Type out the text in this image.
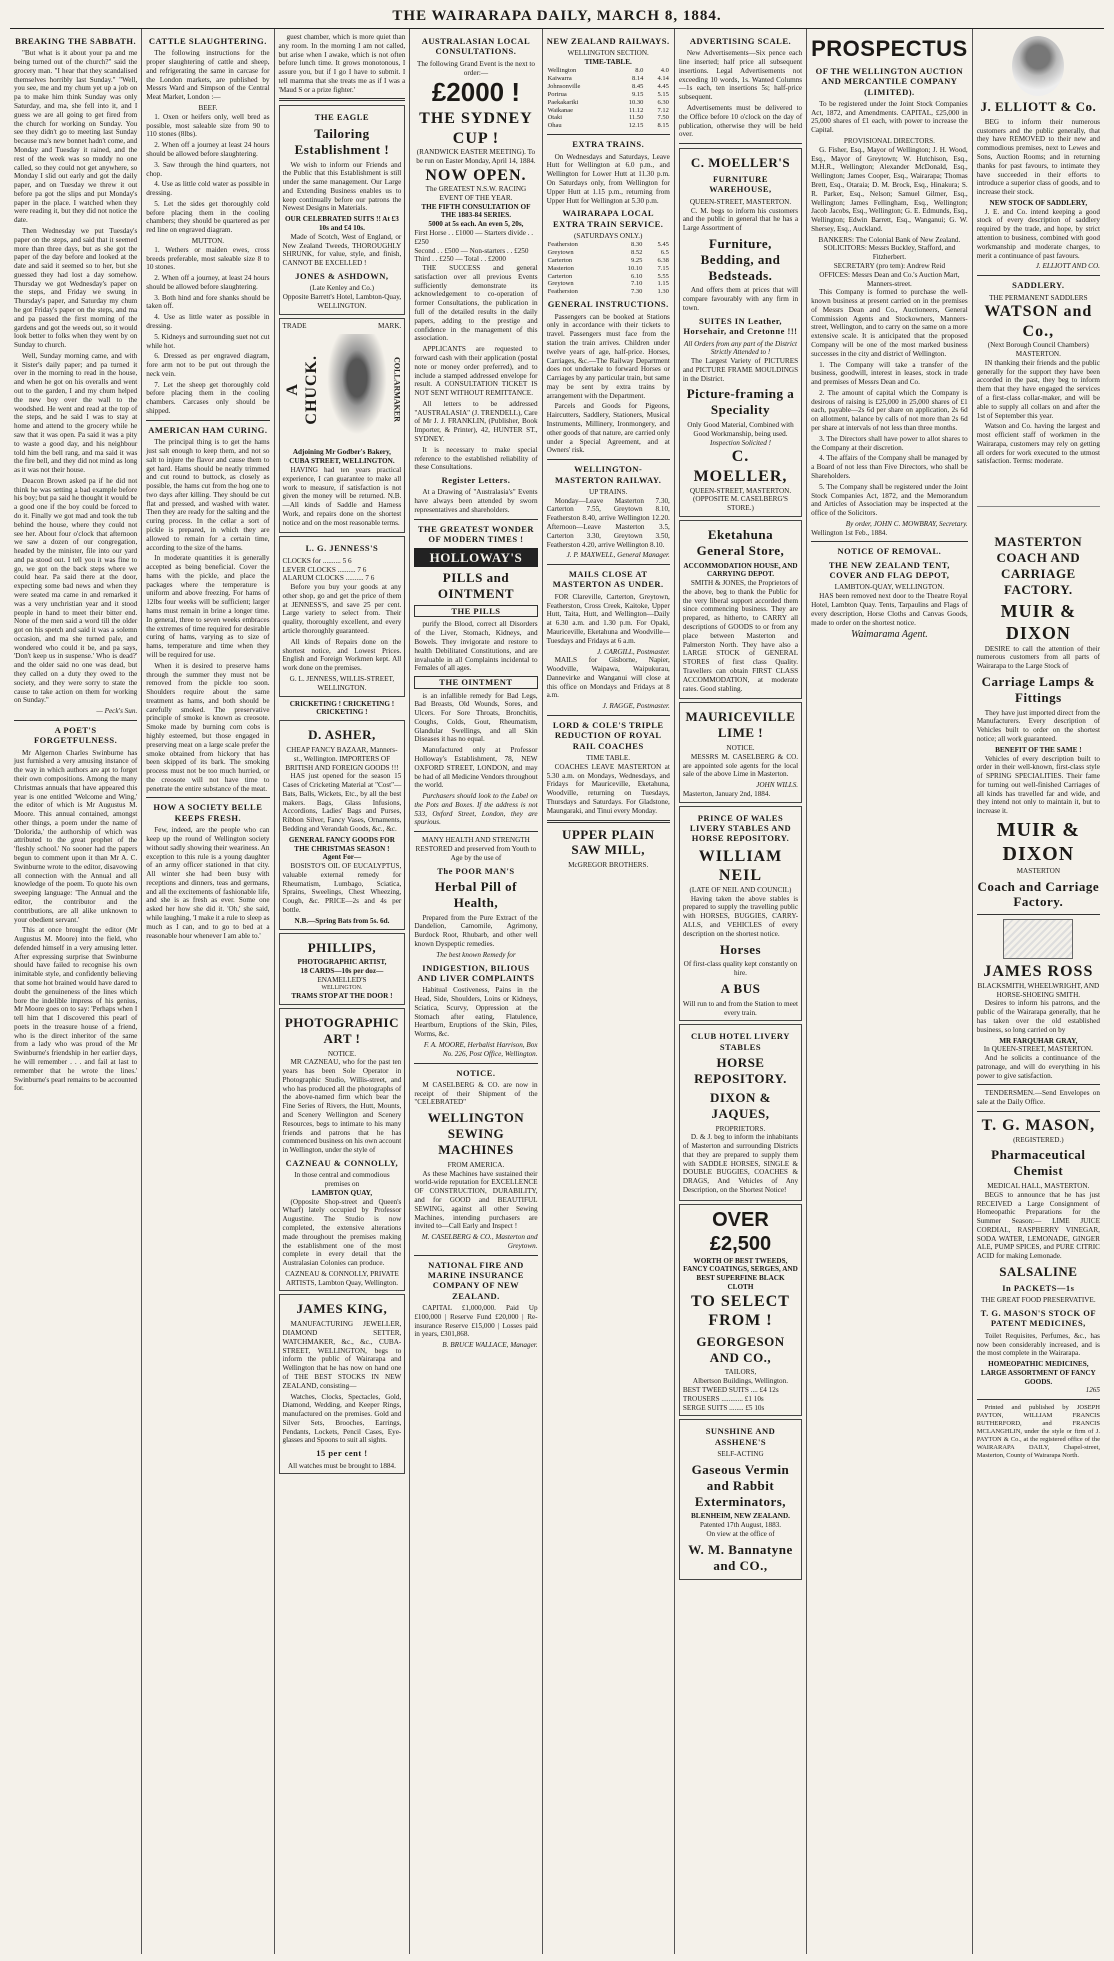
THE WAIRARAPA DAILY, MARCH 8, 1884.
BREAKING THE SABBATH.

"But what is it about your pa and me being turned out of the church?" said the grocery man. "I hear that they scandalised themselves horribly last Sunday." "Well, you see, me and my chum yet up a job on pa to make him think Sunday was only Saturday, and ma, she fell into it, and I guess we are all going to get fired from the church for working on Sunday. You see they didn't go to meeting last Sunday because ma's new bonnet hadn't come, and Monday and Tuesday it rained, and the rest of the week was so muddy no one called, so they could not get anywhere, so Monday I slid out early and got the daily paper, and on Tuesday we threw it out before pa got the slips and put Monday's paper in the place. I watched when they were reading it, but they did not notice the date.

Then Wednesday we put Tuesday's paper on the steps, and said that it seemed more than three days, but as she got the paper of the day before and looked at the date and said it seemed so to her, but she guessed they had lost a day somehow. Thursday we got Wednesday's paper on the steps, and Friday we swung in Thursday's paper, and Saturday my chum he got Friday's paper on the steps, and ma and pa passed the first morning of the gardens and got the weeds out, so it would look better to folks when they went by on Sunday to church.

Well, Sunday morning came, and with it Sister's daily paper; and pa turned it over in the morning to read in the house, and when he got on his overalls and went out to the garden, I and my chum helped the new boy over the wall to the woodshed. He went and read at the top of the steps, and he said I was to stay at home and attend to the grocery while he saw that it was open. Pa said it was a pity to waste a good day, and his neighbour told him the bell rang, and ma said it was the fire bell, and they did not mind as long as it was not their house.

Deacon Brown asked pa if he did not think he was setting a bad example before his boy; but pa said he thought it would be a good one if the boy could be forced to do it. Finally we got mad and took the tub behind the house, where they could not see her. About four o'clock that afternoon we saw a dozen of our congregation, headed by the minister, file into our yard and pa stood out. I tell you it was fine to go, we got on the back steps where we could hear. Pa said there at the door, expecting some bad news and when they were seated ma came in and remarked it was a very unchristian year and it stood people in hand to meet their bitter end. None of the men said a word till the older got on his spetch and said it was a solemn occasion, and ma she turned pale, and wondered who could it be, and pa says, 'Don't keep us in suspense.' Who is dead?' and the older said no one was dead, but they called on a duty they owed to the society, and they were sorry to state the cause to take action on them for working on Sunday."

— Peck's Sun.
A POET'S FORGETFULNESS.

Mr Algernon Charles Swinburne has just furnished a very amusing instance of the way in which authors are apt to forget their own compositions. Among the many Christmas annuals that have appeared this year is one entitled 'Welcome and Wing,' the editor of which is Mr Augustus M. Moore. This annual contained, amongst other things, a poem under the name of 'Dolorida,' the authorship of which was attributed to the great prophet of the 'fleshly school.' No sooner had the papers begun to comment upon it than Mr A. C. Swinburne wrote to the editor, disavowing all connection with the Annual and all knowledge of the poem. To quote his own sweeping language: 'The Annual and the editor, the contributor and the contributions, are all alike unknown to your obedient servant.'

This at once brought the editor (Mr Augustus M. Moore) into the field, who defended himself in a very amusing letter. After expressing surprise that Swinburne should have failed to recognise his own inimitable style, and confidently believing that some hot brained would have dared to doubt the genuineness of the lines which bore the indelible impress of his genius, Mr Moore goes on to say: 'Perhaps when I tell him that I discovered this pearl of poets in the treasure house of a friend, who is the direct inheritor of the same from a lady who was proud of the Mr Swinburne's friendship in her earlier days, he will remember . . . and fail at last to remember that he wrote the lines.' Swinburne's pearl remains to be accounted for.

CATTLE SLAUGHTERING.

The following instructions for the proper slaughtering of cattle and sheep, and refrigerating the same in carcase for the London markets, are published by Messrs Ward and Simpson of the Central Meat Market, London :—

BEEF.

1. Oxen or heifers only, well bred as possible, most saleable size from 90 to 110 stones (8lbs).

2. When off a journey at least 24 hours should be allowed before slaughtering.

3. Saw through the hind quarters, not chop.

4. Use as little cold water as possible in dressing.

5. Let the sides get thoroughly cold before placing them in the cooling chambers; they should be quartered as per red line on engraved diagram.

MUTTON.

1. Wethers or maiden ewes, cross breeds preferable, most saleable size 8 to 10 stones.

2. When off a journey, at least 24 hours should be allowed before slaughtering.

3. Both hind and fore shanks should be taken off.

4. Use as little water as possible in dressing.

5. Kidneys and surrounding suet not cut while hot.

6. Dressed as per engraved diagram, fore arm not to be put out through the neck vein.

7. Let the sheep get thoroughly cold before placing them in the cooling chambers. Carcases only should be shipped.

AMERICAN HAM CURING.

The principal thing is to get the hams just salt enough to keep them, and not so salt to injure the flavor and cause them to get hard. Hams should be neatly trimmed and cut round to buttock, as closely as possible, the hams cut from the hog one to two days after killing. They should be cut flat and pressed, and washed with water. Then they are ready for the salting and the curing process. In the cellar a sort of pickle is prepared, in which they are allowed to remain for a certain time, according to the size of the hams.

In moderate quantities it is generally accepted as being beneficial. Cover the hams with the pickle, and place the packages where the temperature is uniform and above freezing. For hams of 12lbs four weeks will be sufficient; larger hams must remain in brine a longer time. In general, three to seven weeks embraces the extremes of time required for desirable curing of hams, varying as to size of hams, temperature and time when they will be required for use.

When it is desired to preserve hams through the summer they must not be removed from the pickle too soon. Shoulders require about the same treatment as hams, and both should be carefully smoked. The preservative principle of smoke is known as creosote. Smoke made by burning corn cobs is highly esteemed, but those engaged in preserving meat on a large scale prefer the smoke obtained from hickory that has been skipped of its bark. The smoking process must not be too much hurried, or the creosote will not have time to penetrate the entire substance of the meat.

HOW A SOCIETY BELLE KEEPS FRESH.

Few, indeed, are the people who can keep up the round of Wellington society without sadly showing their weariness. An exception to this rule is a young daughter of an army officer stationed in that city. All winter she had been busy with receptions and dinners, teas and germans, and all the excitements of fashionable life, and she is as fresh as ever. Some one asked her how she did it. 'Oh,' she said, while laughing, 'I make it a rule to sleep as much as I can, and to go to bed at a reasonable hour whenever I am able to.'

guest chamber, which is more quiet than any room. In the morning I am not called, but arise when I awake, which is not often before lunch time. It grows monotonous, I assure you, but if I go I have to submit. I tell mamma that she treats me as if I was a 'Maud S or a prize fighter.'

THE EAGLE
Tailoring Establishment !

We wish to inform our Friends and the Public that this Establishment is still under the same management. Our Large and Extending Business enables us to keep continually before our patrons the Newest Designs in Materials.

OUR CELEBRATED SUITS !! At £3 10s and £4 10s.

Made of Scotch, West of England, or New Zealand Tweeds, THOROUGHLY SHRUNK, for value, style, and finish, CANNOT BE EXCELLED !

JONES & ASHDOWN,
(Late Kenley and Co.)
Opposite Barrett's Hotel, Lambton-Quay, WELLINGTON.
TRADE	MARK.
A CHUCK.	COLLARMAKER
Adjoining Mr Godber's Bakery, CUBA STREET, WELLINGTON.

HAVING had ten years practical experience, I can guarantee to make all work to measure, if satisfaction is not given the money will be returned. N.B.—All kinds of Saddle and Harness Work, and repairs done on the shortest notice and on the most reasonable terms.

L. G. JENNESS'S
CLOCKS for .......... 5 6
LEVER CLOCKS .......... 7 6
ALARUM CLOCKS .......... 7 6

Before you buy your goods at any other shop, go and get the price of them at JENNESS'S, and save 25 per cent. Large variety to select from. Their quality, thoroughly excellent, and every article thoroughly guaranteed.

All kinds of Repairs done on the shortest notice, and Lowest Prices. English and Foreign Workmen kept. All work done on the premises.

G. L. JENNESS, WILLIS-STREET, WELLINGTON.
CRICKETING ! CRICKETING ! CRICKETING !
D. ASHER,
CHEAP FANCY BAZAAR, Manners-st., Wellington. IMPORTERS OF BRITISH AND FOREIGN GOODS !!!

HAS just opened for the season 15 Cases of Cricketing Material at "Cost"—Bats, Balls, Wickets, Etc., by all the best makers. Bags, Glass Infusions, Accordions, Ladies' Bags and Purses, Ribbon Silver, Fancy Vases, Ornaments, Bedding and Verandah Goods, &c., &c.

GENERAL FANCY GOODS FOR THE CHRISTMAS SEASON !
Agent For—

BOSISTO'S OIL OF EUCALYPTUS, valuable external remedy for Rheumatism, Lumbago, Sciatica, Sprains, Sweelings, Chest Wheezing, Cough, &c. PRICE—2s and 4s per bottle.

N.B.—Spring Bats from 5s. 6d.
PHILLIPS,
PHOTOGRAPHIC ARTIST,
18 CARDS—10s per doz—
ENAMELLED'S
WELLINGTON.
TRAMS STOP AT THE DOOR !
PHOTOGRAPHIC ART !
NOTICE.

MR CAZNEAU, who for the past ten years has been Sole Operator in Photographic Studio, Willis-street, and who has produced all the photographs of the above-named firm which bear the Fine Series of Rivers, the Hutt, Mounts, and Scenery Wellington and Scenery Resources, begs to intimate to his many friends and patrons that he has commenced business on his own account in Wellington, under the style of

CAZNEAU & CONNOLLY,
In those central and commodious premises on
LAMBTON QUAY,

(Opposite Shop-street and Queen's Wharf) lately occupied by Professor Augustine. The Studio is now completed, the extensive alterations made throughout the premises making the establishment one of the most complete in every detail that the Australasian Colonies can produce.

CAZNEAU & CONNOLLY, PRIVATE ARTISTS, Lambton Quay, Wellington.
JAMES KING,

MANUFACTURING JEWELLER, DIAMOND SETTER, WATCHMAKER, &c., &c., CUBA-STREET, WELLINGTON, begs to inform the public of Wairarapa and Wellington that he has now on hand one of THE BEST STOCKS IN NEW ZEALAND, consisting—

Watches, Clocks, Spectacles, Gold, Diamond, Wedding, and Keeper Rings, manufactured on the premises. Gold and Silver Sets, Brooches, Earrings, Pendants, Lockets, Pencil Cases, Eye-glasses and Spoons to suit all sights.

15 per cent !
All watches must be brought to 1884.
AUSTRALASIAN LOCAL CONSULTATIONS.
The following Grand Event is the next to order:—
£2000 !
THE SYDNEY CUP !
(RANDWICK EASTER MEETING). To be run on Easter Monday, April 14, 1884.
NOW OPEN.
The GREATEST N.S.W. RACING EVENT OF THE YEAR.
THE FIFTH CONSULTATION OF THE 1883-84 SERIES.
5000 at 5s each. An even 5, 20s,
First Horse . . £1000 — Starters divide . . £250
Second . . £500 — Non-starters . . £250
Third . . £250 — Total . . £2000

THE SUCCESS and general satisfaction over all previous Events sufficiently demonstrate its acknowledgement to co-operation of former Consultations, the publication in full of the detailed results in the daily papers, adding to the prestige and confidence in the management of this association.

APPLICANTS are requested to forward cash with their application (postal note or money order preferred), and to include a stamped addressed envelope for result. A CONSULTATION TICKET IS NOT SENT WITHOUT REMITTANCE.

All letters to be addressed "AUSTRALASIA" (J. TRENDELL), Care of Mr J. J. FRANKLIN, (Publisher, Book Importer, & Printer), 42, HUNTER ST., SYDNEY.

It is necessary to make special reference to the established reliability of these Consultations.

Register Letters.

At a Drawing of "Australasia's" Events have always been attended by sworn representatives and shareholders.

THE GREATEST WONDER OF MODERN TIMES !
HOLLOWAY'S
PILLS and OINTMENT
THE PILLS

purify the Blood, correct all Disorders of the Liver, Stomach, Kidneys, and Bowels. They invigorate and restore to health Debilitated Constitutions, and are invaluable in all Complaints incidental to Females of all ages.

THE OINTMENT

is an infallible remedy for Bad Legs, Bad Breasts, Old Wounds, Sores, and Ulcers. For Sore Throats, Bronchitis, Coughs, Colds, Gout, Rheumatism, Glandular Swellings, and all Skin Diseases it has no equal.

Manufactured only at Professor Holloway's Establishment, 78, NEW OXFORD STREET, LONDON, and may be had of all Medicine Vendors throughout the world.

Purchasers should look to the Label on the Pots and Boxes. If the address is not 533, Oxford Street, London, they are spurious.

MANY HEALTH AND STRENGTH RESTORED and preserved from Youth to Age by the use of
The POOR MAN'S
Herbal Pill of Health,

Prepared from the Pure Extract of the Dandelion, Camomile, Agrimony, Burdock Root, Rhubarb, and other well known Dyspeptic remedies.

The best known Remedy for
INDIGESTION, BILIOUS AND LIVER COMPLAINTS

Habitual Costiveness, Pains in the Head, Side, Shoulders, Loins or Kidneys, Sciatica, Scurvy, Oppression at the Stomach after eating, Flatulence, Heartburn, Eruptions of the Skin, Piles, Worms, &c.

F. A. MOORE, Herbalist Harrison, Box No. 226, Post Office, Wellington.
NOTICE.

M CASELBERG & CO. are now in receipt of their Shipment of the "CELEBRATED"

WELLINGTON SEWING MACHINES
FROM AMERICA.

As these Machines have sustained their world-wide reputation for EXCELLENCE OF CONSTRUCTION, DURABILITY, and for GOOD and BEAUTIFUL SEWING, against all other Sewing Machines, intending purchasers are invited to—Call Early and Inspect !

M. CASELBERG & CO., Masterton and Greytown.
NATIONAL FIRE AND MARINE INSURANCE COMPANY OF NEW ZEALAND.

CAPITAL £1,000,000. Paid Up £100,000 | Reserve Fund £20,000 | Re-insurance Reserve £15,000 | Losses paid in years, £301,868.

B. BRUCE WALLACE, Manager.
NEW ZEALAND RAILWAYS.
WELLINGTON SECTION.
TIME-TABLE.
Wellington	8.0	4.0
Kaiwarra	8.14	4.14
Johnsonville	8.45	4.45
Porirua	9.15	5.15
Paekakariki	10.30	6.30
Waikanae	11.12	7.12
Otaki	11.50	7.50
Ohau	12.15	8.15
EXTRA TRAINS.

On Wednesdays and Saturdays, Leave Hutt for Wellington at 6.0 p.m., and Wellington for Lower Hutt at 11.30 p.m. On Saturdays only, from Wellington for Upper Hutt at 1.15 p.m., returning from Upper Hutt for Wellington at 5.30 p.m.

WAIRARAPA LOCAL EXTRA TRAIN SERVICE.
(SATURDAYS ONLY.)
Featherston	8.30	5.45
Greytown	8.52	6.5
Carterton	9.25	6.38
Masterton	10.10	7.15
Carterton	6.10	5.55
Greytown	7.10	1.15
Featherston	7.30	1.30
GENERAL INSTRUCTIONS.

Passengers can be booked at Stations only in accordance with their tickets to travel. Passengers must face from the station the train arrives. Children under twelve years of age, half-price. Horses, Carriages, &c.—The Railway Department does not undertake to forward Horses or Carriages by any particular train, but same may be sent by extra trains by arrangement with the Department.

Parcels and Goods for Pigeons, Haircutters, Saddlery, Stationers, Musical Instruments, Millinery, Ironmongery, and other goods of that nature, are carried only under a Special Agreement, and at Owners' risk.

WELLINGTON-MASTERTON RAILWAY.
UP TRAINS.

Monday—Leave Masterton 7.30, Carterton 7.55, Greytown 8.10, Featherston 8.40, arrive Wellington 12.20. Afternoon—Leave Masterton 3.5, Carterton 3.30, Greytown 3.50, Featherston 4.20, arrive Wellington 8.10.

J. P. MAXWELL, General Manager.
MAILS CLOSE AT MASTERTON AS UNDER.

FOR Clareville, Carterton, Greytown, Featherston, Cross Creek, Kaitoke, Upper Hutt, Taita, Hutt, and Wellington—Daily at 6.30 a.m. and 1.30 p.m. For Opaki, Mauriceville, Eketahuna and Woodville—Tuesdays and Fridays at 6 a.m.

J. CARGILL, Postmaster.

MAILS for Gisborne, Napier, Woodville, Waipawa, Waipukurau, Dannevirke and Wanganui will close at this office on Mondays and Fridays at 8 a.m.

J. RAGGE, Postmaster.
LORD & COLE'S TRIPLE REDUCTION OF ROYAL RAIL COACHES
TIME TABLE.

COACHES LEAVE MASTERTON at 5.30 a.m. on Mondays, Wednesdays, and Fridays for Mauriceville, Eketahuna, Woodville, returning on Tuesdays, Thursdays and Saturdays. For Gladstone, Maungaraki, and Tinui every Monday.

UPPER PLAIN SAW MILL,
McGREGOR BROTHERS.
ADVERTISING SCALE.

New Advertisements—Six pence each line inserted; half price all subsequent insertions. Legal Advertisements not exceeding 10 words, 1s. Wanted Columns—1s each, ten insertions 5s; half-price subsequent.

Advertisements must be delivered to the Office before 10 o'clock on the day of publication, otherwise they will be held over.

C. MOELLER'S
FURNITURE WAREHOUSE,
QUEEN-STREET, MASTERTON.

C. M. begs to inform his customers and the public in general that he has a Large Assortment of

Furniture, Bedding, and Bedsteads.

And offers them at prices that will compare favourably with any firm in town.

SUITES IN Leather, Horsehair, and Cretonne !!!
All Orders from any part of the District Strictly Attended to !

The Largest Variety of PICTURES and PICTURE FRAME MOULDINGS in the District.

Picture-framing a Speciality
Only Good Material, Combined with Good Workmanship, being used.
Inspection Solicited !
C. MOELLER,
QUEEN-STREET, MASTERTON. (OPPOSITE M. CASELBERG'S STORE.)
Eketahuna General Store,
ACCOMMODATION HOUSE, AND CARRYING DEPOT.

SMITH & JONES, the Proprietors of the above, beg to thank the Public for the very liberal support accorded them since commencing business. They are prepared, as hitherto, to CARRY all descriptions of GOODS to or from any place between Masterton and Palmerston North. They have also a LARGE STOCK of GENERAL STORES of first class Quality. Travellers can obtain FIRST CLASS ACCOMMODATION, at moderate rates. Good stabling.

MAURICEVILLE LIME !
NOTICE.

MESSRS M. CASELBERG & CO. are appointed sole agents for the local sale of the above Lime in Masterton.

JOHN WILLS.
Masterton, January 2nd, 1884.
PRINCE OF WALES LIVERY STABLES AND HORSE REPOSITORY.
WILLIAM NEIL
(LATE OF NEIL AND COUNCIL)

Having taken the above stables is prepared to supply the travelling public with HORSES, BUGGIES, CARRY-ALLS, and VEHICLES of every description on the shortest notice.

Horses
Of first-class quality kept constantly on hire.
A BUS
Will run to and from the Station to meet every train.
CLUB HOTEL LIVERY STABLES
HORSE REPOSITORY.
DIXON & JAQUES,
PROPRIETORS.

D. & J. beg to inform the inhabitants of Masterton and surrounding Districts that they are prepared to supply them with SADDLE HORSES, SINGLE & DOUBLE BUGGIES, COACHES & DRAGS, And Vehicles of Any Description, on the Shortest Notice!

OVER £2,500
WORTH OF BEST TWEEDS, FANCY COATINGS, SERGES, AND BEST SUPERFINE BLACK CLOTH
TO SELECT FROM !
GEORGESON AND CO.,
TAILORS,
Albertson Buildings, Wellington.
BEST TWEED SUITS .... £4 12s
TROUSERS ............ £1 10s
SERGE SUITS ........ £5 10s
SUNSHINE AND ASSHENE'S
SELF-ACTING
Gaseous Vermin and Rabbit Exterminators,
BLENHEIM, NEW ZEALAND.
Patented 17th August, 1883.
On view at the office of
W. M. Bannatyne and CO.,
PROSPECTUS
OF THE WELLINGTON AUCTION AND MERCANTILE COMPANY (LIMITED).

To be registered under the Joint Stock Companies Act, 1872, and Amendments. CAPITAL, £25,000 in 25,000 shares of £1 each, with power to increase the Capital.

PROVISIONAL DIRECTORS.

G. Fisher, Esq., Mayor of Wellington; J. H. Wood, Esq., Mayor of Greytown; W. Hutchison, Esq., M.H.R., Wellington; Alexander McDonald, Esq., Wellington; James Cooper, Esq., Wairarapa; Thomas Brett, Esq., Otaraia; D. M. Brock, Esq., Hinakura; S. R. Parker, Esq., Nelson; Samuel Gilmer, Esq., Wellington; James Fellingham, Esq., Wellington; Jacob Jacobs, Esq., Wellington; G. E. Edmunds, Esq., Wellington; Edwin Barrett, Esq., Wanganui; G. W. Shersey, Esq., Auckland.

BANKERS: The Colonial Bank of New Zealand.
SOLICITORS: Messrs Buckley, Stafford, and Fitzherbert.
SECRETARY (pro tem): Andrew Reid
OFFICES: Messrs Dean and Co.'s Auction Mart, Manners-street.

This Company is formed to purchase the well-known business at present carried on in the premises of Messrs Dean and Co., Auctioneers, General Commission Agents and Stockowners, Manners-street, Wellington, and to carry on the same on a more extensive scale. It is anticipated that the proposed Company will be one of the most marked business successes in the city and district of Wellington.

1. The Company will take a transfer of the business, goodwill, interest in leases, stock in trade and premises of Messrs Dean and Co.

2. The amount of capital which the Company is desirous of raising is £25,000 in 25,000 shares of £1 each, payable—2s 6d per share on application, 2s 6d on allotment, balance by calls of not more than 2s 6d per share at intervals of not less than three months.

3. The Directors shall have power to allot shares to the Company at their discretion.

4. The affairs of the Company shall be managed by a Board of not less than Five Directors, who shall be Shareholders.

5. The Company shall be registered under the Joint Stock Companies Act, 1872, and the Memorandum and Articles of Association may be inspected at the office of the Solicitors.

By order, JOHN C. MOWBRAY, Secretary.
Wellington 1st Feb., 1884.
NOTICE OF REMOVAL.
THE NEW ZEALAND TENT, COVER AND FLAG DEPOT,
LAMBTON-QUAY, WELLINGTON.

HAS been removed next door to the Theatre Royal Hotel, Lambton Quay. Tents, Tarpaulins and Flags of every description, Horse Cloths and Canvas Goods, made to order on the shortest notice.

Waimarama Agent.
J. ELLIOTT & Co.

BEG to inform their numerous customers and the public generally, that they have REMOVED to their new and commodious premises, next to Lewes and Sons, Auction Rooms; and in returning thanks for past favours, to intimate they have succeeded in their efforts to introduce a superior class of goods, and to increase their stock.

NEW STOCK OF SADDLERY,

J. E. and Co. intend keeping a good stock of every description of saddlery required by the trade, and hope, by strict attention to business, combined with good workmanship and moderate charges, to merit a continuance of past favours.

J. ELLIOTT AND CO.
SADDLERY.
THE PERMANENT SADDLERS
WATSON and Co.,
(Next Borough Council Chambers) MASTERTON.

IN thanking their friends and the public generally for the support they have been accorded in the past, they beg to inform them that they have engaged the services of a first-class collar-maker, and will be able to supply all collars on and after the 1st of September this year.

Watson and Co. having the largest and most efficient staff of workmen in the Wairarapa, customers may rely on getting all orders for work executed to the utmost satisfaction. Terms: moderate.

MASTERTON COACH AND CARRIAGE FACTORY.
MUIR & DIXON

DESIRE to call the attention of their numerous customers from all parts of Wairarapa to the Large Stock of

Carriage Lamps & Fittings

They have just imported direct from the Manufacturers. Every description of Vehicles built to order on the shortest notice; all work guaranteed.

BENEFIT OF THE SAME !

Vehicles of every description built to order in their well-known, first-class style of SPRING SPECIALITIES. Their fame for turning out well-finished Carriages of all kinds has travelled far and wide, and they intend not only to maintain it, but to increase it.

MUIR & DIXON
MASTERTON
Coach and Carriage Factory.
JAMES ROSS
BLACKSMITH, WHEELWRIGHT, AND HORSE-SHOEING SMITH.

Desires to inform his patrons, and the public of the Wairarapa generally, that he has taken over the old established business, so long carried on by

MR FARQUHAR GRAY,
In QUEEN-STREET, MASTERTON.

And he solicits a continuance of the patronage, and will do everything in his power to give satisfaction.

TENDERSMEN.—Send Envelopes on sale at the Daily Office.

T. G. MASON,
(REGISTERED.)
Pharmaceutical Chemist
MEDICAL HALL, MASTERTON.

BEGS to announce that he has just RECEIVED a Large Consignment of Homeopathic Preparations for the Summer Season:— LIME JUICE CORDIAL, RASPBERRY VINEGAR, SODA WATER, LEMONADE, GINGER ALE, PUMP SPICES, and PURE CITRIC ACID for making Lemonade.

SALSALINE
In PACKETS—1s
THE GREAT FOOD PRESERVATIVE.
T. G. MASON'S STOCK OF PATENT MEDICINES,

Toilet Requisites, Perfumes, &c., has now been considerably increased, and is the most complete in the Wairarapa.

HOMEOPATHIC MEDICINES, LARGE ASSORTMENT OF FANCY GOODS.
1265

Printed and published by JOSEPH PAYTON, WILLIAM FRANCIS RUTHERFORD, and FRANCIS MCLANGHLIN, under the style or firm of J. PAYTON & Co., at the registered office of the WAIRARAPA DAILY, Chapel-street, Masterton, County of Wairarapa North.
